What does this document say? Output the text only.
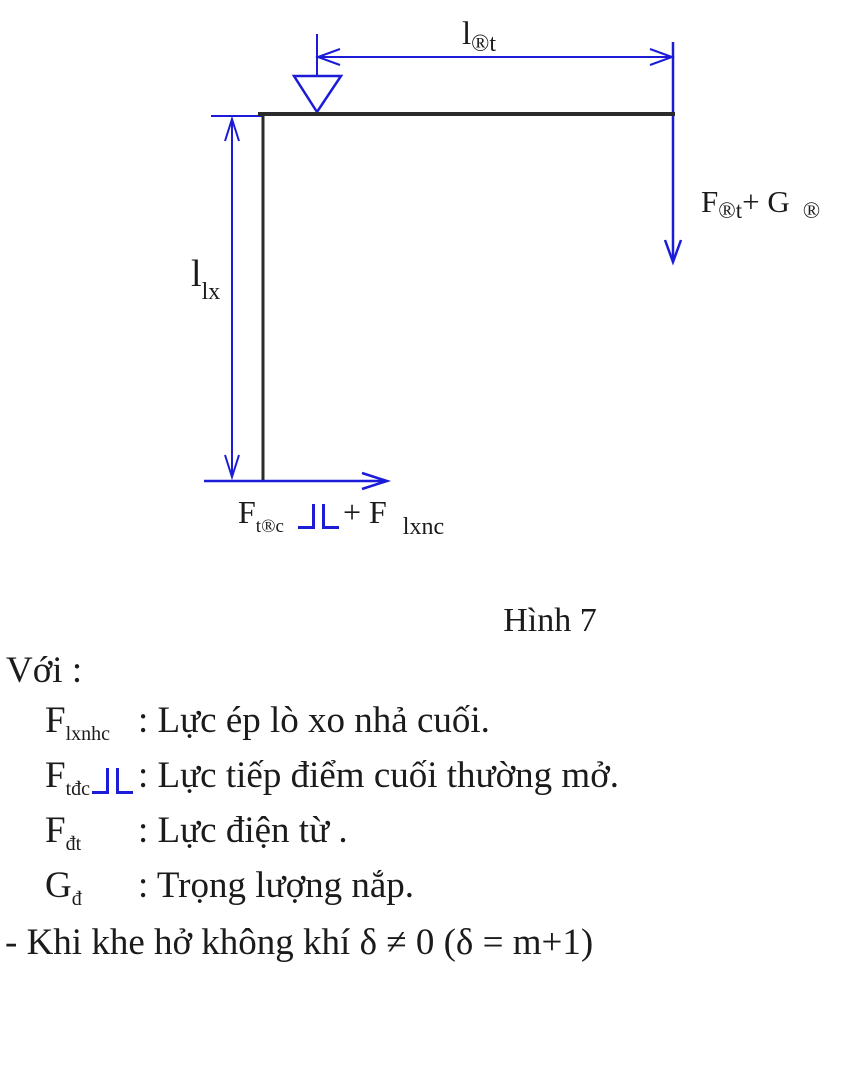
$l_{®t}$
$F_{®t}+ G$ $_®$
$l_{lx}$
$F_{t®c} + F$ $_{lxnc}$
Hình 7
Với :
$F_{lxnhc}$ : Lực ép lò xo nhả cuối.
$F_{tđc}$ : Lực tiếp điểm cuối thường mở.
$F_{đt}$ : Lực điện từ .
$G_đ$ : Trọng lượng nắp.
- Khi khe hở không khí δ ≠ 0 (δ = m+1)
